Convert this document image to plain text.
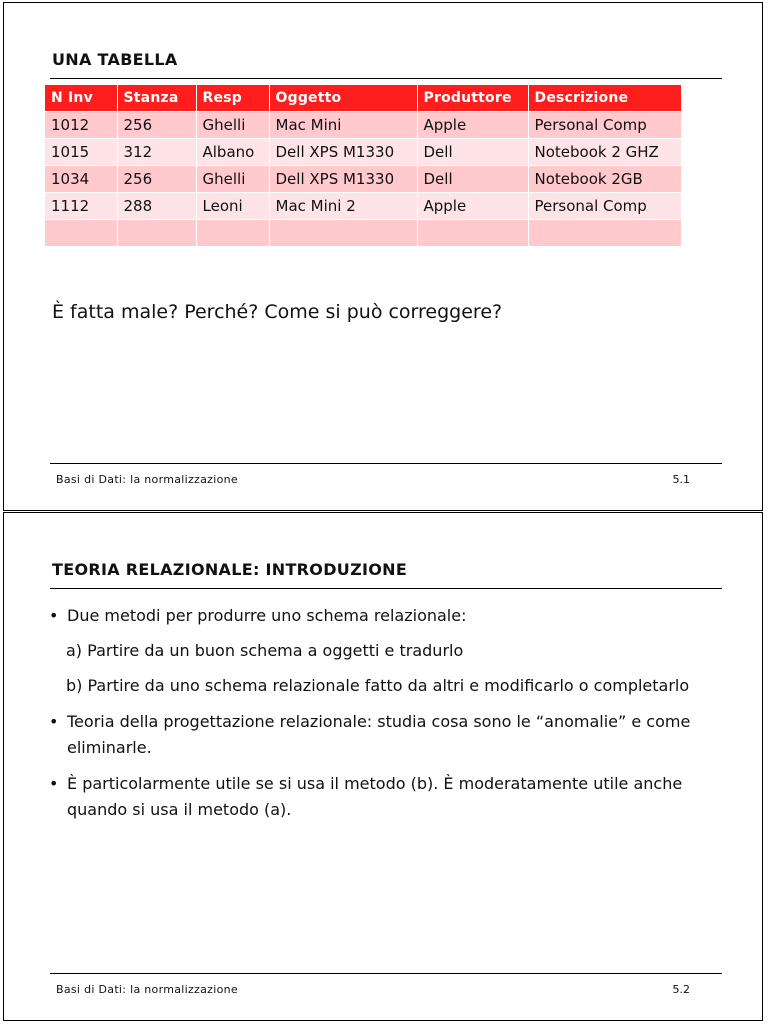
UNA TABELLA
N Inv	Stanza	Resp	Oggetto	Produttore	Descrizione
1012	256	Ghelli	Mac Mini	Apple	Personal Comp
1015	312	Albano	Dell XPS M1330	Dell	Notebook 2 GHZ
1034	256	Ghelli	Dell XPS M1330	Dell	Notebook 2GB
1112	288	Leoni	Mac Mini 2	Apple	Personal Comp

È fatta male? Perché? Come si può correggere?

Basi di Dati: la normalizzazione	5.1
TEORIA RELAZIONALE: INTRODUZIONE
• Due metodi per produrre uno schema relazionale:
a) Partire da un buon schema a oggetti e tradurlo
b) Partire da uno schema relazionale fatto da altri e modificarlo o completarlo
• Teoria della progettazione relazionale: studia cosa sono le “anomalie” e come eliminarle.
• È particolarmente utile se si usa il metodo (b). È moderatamente utile anche quando si usa il metodo (a).
Basi di Dati: la normalizzazione	5.2
